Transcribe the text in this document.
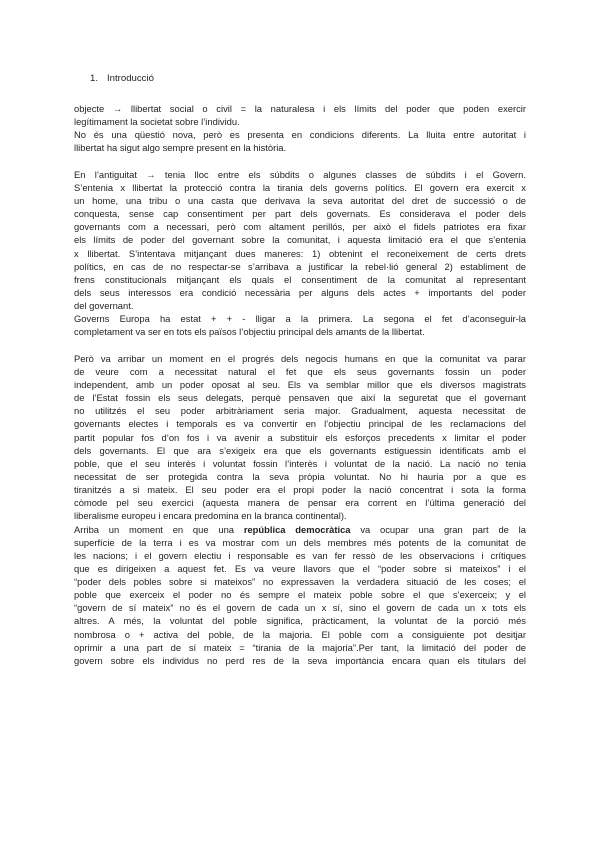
1. Introducció
objecte → llibertat social o civil = la naturalesa i els límits del poder que poden exercir
legítimament la societat sobre l’individu.
No és una qüestió nova, però es presenta en condicions diferents. La lluita entre autoritat i
llibertat ha sigut algo sempre present en la història.
En l’antiguitat → tenia lloc entre els súbdits o algunes classes de súbdits i el Govern.
S’entenia x llibertat la protecció contra la tirania dels governs polítics. El govern era exercit x
un home, una tribu o una casta que derivava la seva autoritat del dret de successió o de
conquesta, sense cap consentiment per part dels governats. Es considerava el poder dels
governants com a necessari, però com altament perillós, per això el fidels patriotes era fixar
els límits de poder del governant sobre la comunitat, i aquesta limitació era el que s’entenia
x llibertat. S’intentava mitjançant dues maneres: 1) obtenint el reconeixement de certs drets
polítics, en cas de no respectar-se s’arribava a justificar la rebel·lió general 2) establiment de
frens constitucionals mitjançant els quals el consentiment de la comunitat al representant
dels seus interessos era condició necessària per alguns dels actes + importants del poder
del governant.
Governs Europa ha estat + + - lligar a la primera. La segona el fet d’aconseguir-la
completament va ser en tots els països l’objectiu principal dels amants de la llibertat.
Però va arribar un moment en el progrés dels negocis humans en que la comunitat va parar
de veure com a necessitat natural el fet que els seus governants fossin un poder
independent, amb un poder oposat al seu. Els va semblar millor que els diversos magistrats
de l’Estat fossin els seus delegats, perquè pensaven que així la seguretat que el governant
no utilitzés el seu poder arbitràriament seria major. Gradualment, aquesta necessitat de
governants electes i temporals es va convertir en l’objectiu principal de les reclamacions del
partit popular fos d’on fos i va avenir a substituir els esforços precedents x limitar el poder
dels governants. El que ara s’exigeix era que els governants estiguessin identificats amb el
poble, que el seu interès i voluntat fossin l’interès i voluntat de la nació. La nació no tenia
necessitat de ser protegida contra la seva pròpia voluntat. No hi hauria por a que es
tiranitzés a si mateix. El seu poder era el propi poder la nació concentrat i sota la forma
còmode pel seu exercici (aquesta manera de pensar era corrent en l’última generació del
liberalisme europeu i encara predomina en la branca continental).
Arriba un moment en que una república democràtica va ocupar una gran part de la
superfície de la terra i es va mostrar com un dels membres més potents de la comunitat de
les nacions; i el govern electiu i responsable es van fer ressò de les observacions i crítiques
que es dirigeixen a aquest fet. Es va veure llavors que el “poder sobre si mateixos” i el
“poder dels pobles sobre si mateixos” no expressaven la verdadera situació de les coses; el
poble que exerceix el poder no és sempre el mateix poble sobre el que s’exerceix; y el
“govern de sí mateix” no és el govern de cada un x sí, sino el govern de cada un x tots els
altres. A més, la voluntat del poble significa, pràcticament, la voluntat de la porció més
nombrosa o + activa del poble, de la majoria. El poble com a consiguiente pot desitjar
oprimir a una part de sí mateix = “tirania de la majoria”.Per tant, la limitació del poder de
govern sobre els individus no perd res de la seva importància encara quan els titulars del
